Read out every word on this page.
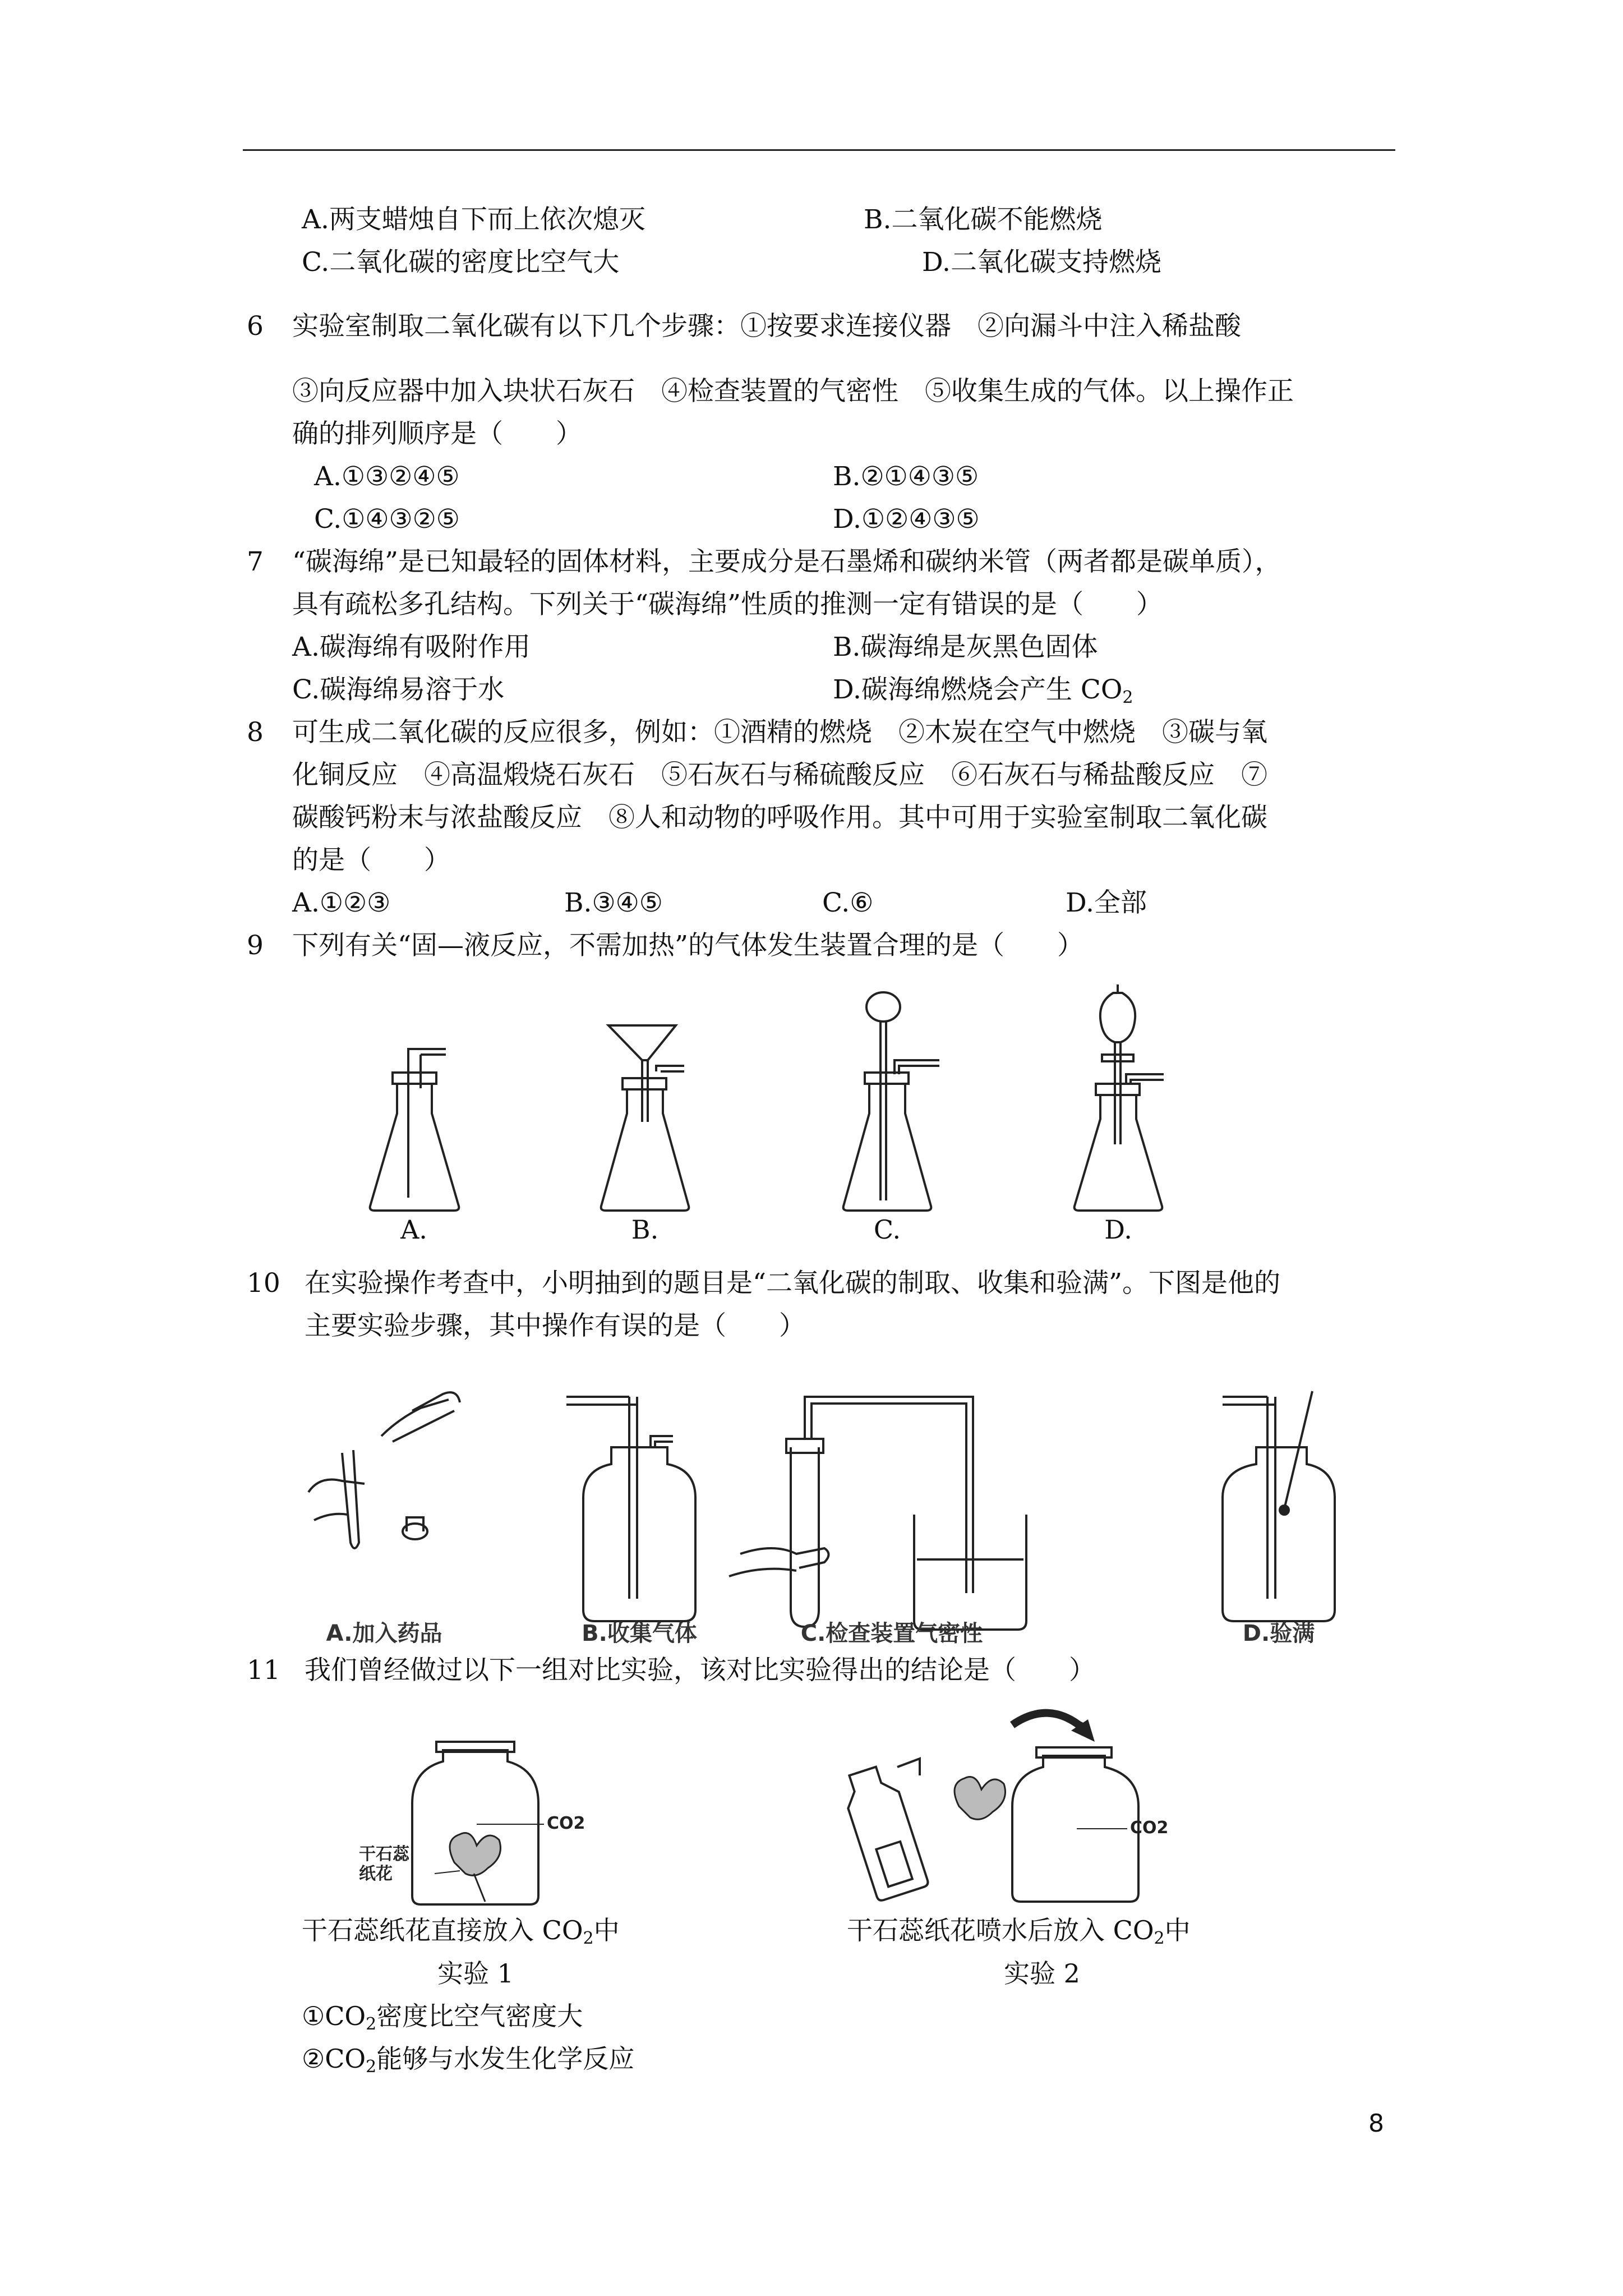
A.两支蜡烛自下而上依次熄灭	B.二氧化碳不能燃烧
C.二氧化碳的密度比空气大	D.二氧化碳支持燃烧
6 实验室制取二氧化碳有以下几个步骤：①按要求连接仪器　②向漏斗中注入稀盐酸
③向反应器中加入块状石灰石　④检查装置的气密性　⑤收集生成的气体。以上操作正
确的排列顺序是（　　）
A.①③②④⑤	B.②①④③⑤
C.①④③②⑤	D.①②④③⑤
7 “碳海绵”是已知最轻的固体材料，主要成分是石墨烯和碳纳米管（两者都是碳单质），
具有疏松多孔结构。下列关于“碳海绵”性质的推测一定有错误的是（　　）
A.碳海绵有吸附作用	B.碳海绵是灰黑色固体
C.碳海绵易溶于水	D.碳海绵燃烧会产生 $CO_2$
8 可生成二氧化碳的反应很多，例如：①酒精的燃烧　②木炭在空气中燃烧　③碳与氧
化铜反应　④高温煅烧石灰石　⑤石灰石与稀硫酸反应　⑥石灰石与稀盐酸反应　⑦
碳酸钙粉末与浓盐酸反应　⑧人和动物的呼吸作用。其中可用于实验室制取二氧化碳
的是（　　）
A.①②③	B.③④⑤	C.⑥	D.全部
9 下列有关“固—液反应，不需加热”的气体发生装置合理的是（　　）
A.	B.	C.	D.
10 在实验操作考查中，小明抽到的题目是“二氧化碳的制取、收集和验满”。下图是他的
主要实验步骤，其中操作有误的是（　　）
A.加入药品	B.收集气体	C.检查装置气密性	D.验满
11 我们曾经做过以下一组对比实验，该对比实验得出的结论是（　　）
CO2	CO2
干石蕊
纸花
干石蕊纸花直接放入 $CO_2$中	干石蕊纸花喷水后放入 $CO_2$中
实验 1	实验 2
$①CO_2$密度比空气密度大
$②CO_2$能够与水发生化学反应
8
